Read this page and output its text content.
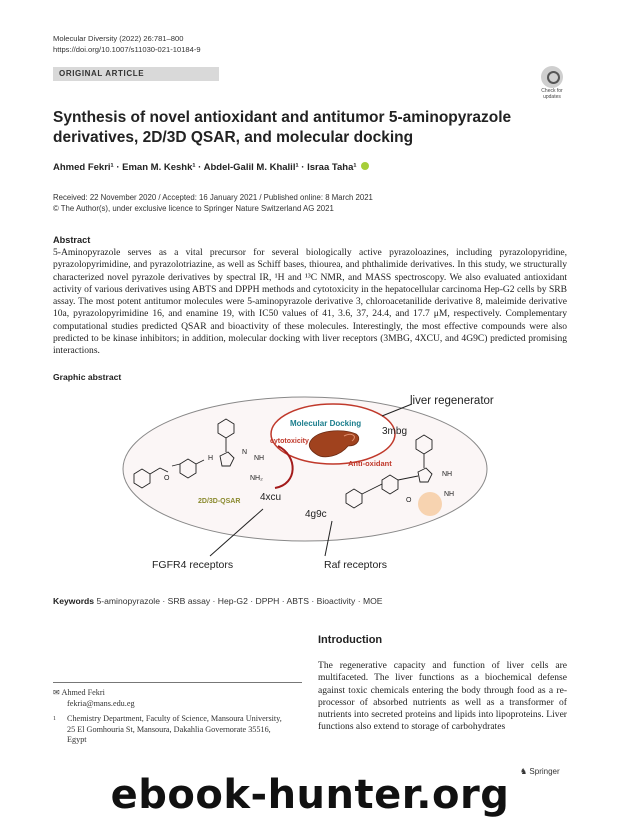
Molecular Diversity (2022) 26:781–800
https://doi.org/10.1007/s11030-021-10184-9
ORIGINAL ARTICLE
Check for
updates
Synthesis of novel antioxidant and antitumor 5-aminopyrazole derivatives, 2D/3D QSAR, and molecular docking
Ahmed Fekri¹ · Eman M. Keshk¹ · Abdel-Galil M. Khalil¹ · Israa Taha¹
Received: 22 November 2020 / Accepted: 16 January 2021 / Published online: 8 March 2021
© The Author(s), under exclusive licence to Springer Nature Switzerland AG 2021
Abstract
5-Aminopyrazole serves as a vital precursor for several biologically active pyrazoloazines, including pyrazolopyridine, pyrazolopyrimidine, and pyrazolotriazine, as well as Schiff bases, thiourea, and phthalimide derivatives. In this study, we structurally characterized novel pyrazole derivatives by spectral IR, ¹H and ¹³C NMR, and MASS spectroscopy. We also evaluated antioxidant activity of various derivatives using ABTS and DPPH methods and cytotoxicity in the hepatocellular carcinoma Hep-G2 cells by SRB assay. The most potent antitumor molecules were 5-aminopyrazole derivative 3, chloroacetanilide derivative 8, maleimide derivative 10a, pyrazolopyrimidine 16, and enamine 19, with IC50 values of 41, 3.6, 37, 24.4, and 17.7 μM, respectively. Complementary computational studies predicted QSAR and bioactivity of these molecules. Interestingly, the most effective compounds were also predicted to be kinase inhibitors; in addition, molecular docking with liver receptors (3MBG, 4XCU, and 4G9C) predicted promising interactions.
Graphic abstract
liver regenerator
Molecular Docking
3mbg
cytotoxicity
Anti-oxidant
2D/3D-QSAR 4xcu
4g9c
NH
NH₂
N
H
O
NH
NH
O
FGFR4 receptors	Raf receptors
Keywords 5-aminopyrazole · SRB assay · Hep-G2 · DPPH · ABTS · Bioactivity · MOE
Introduction
The regenerative capacity and function of liver cells are multifaceted. The liver functions as a biochemical defense against toxic chemicals entering the body through food as a re-processor of absorbed nutrients as well as a transformer of nutrients into secreted proteins and lipids into lipoproteins. Liver functions also extend to storage of carbohydrates
✉ Ahmed Fekri
fekria@mans.edu.eg
1 Chemistry Department, Faculty of Science, Mansoura University, 25 El Gomhouria St, Mansoura, Dakahlia Governorate 35516, Egypt
♞ Springer
ebook-hunter.org
